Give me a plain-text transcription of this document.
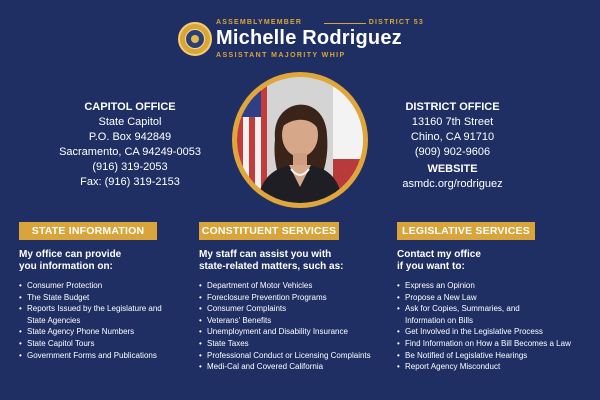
ASSEMBLYMEMBER	DISTRICT 53
Michelle Rodriguez
ASSISTANT MAJORITY WHIP
CAPITOL OFFICE
State Capitol
P.O. Box 942849
Sacramento, CA 94249-0053
(916) 319-2053
Fax: (916) 319-2153
DISTRICT OFFICE
13160 7th Street
Chino, CA 91710
(909) 902-9606
WEBSITE
asmdc.org/rodriguez
STATE INFORMATION
My office can provide
you information on:
• Consumer Protection
• The State Budget
• Reports Issued by the Legislature and
State Agencies
• State Agency Phone Numbers
• State Capitol Tours
• Government Forms and Publications
CONSTITUENT SERVICES
My staff can assist you with
state-related matters, such as:
• Department of Motor Vehicles
• Foreclosure Prevention Programs
• Consumer Complaints
• Veterans' Benefits
• Unemployment and Disability Insurance
• State Taxes
• Professional Conduct or Licensing Complaints
• Medi-Cal and Covered California
LEGISLATIVE SERVICES
Contact my office
if you want to:
• Express an Opinion
• Propose a New Law
• Ask for Copies, Summaries, and
Information on Bills
• Get Involved in the Legislative Process
• Find Information on How a Bill Becomes a Law
• Be Notified of Legislative Hearings
• Report Agency Misconduct
